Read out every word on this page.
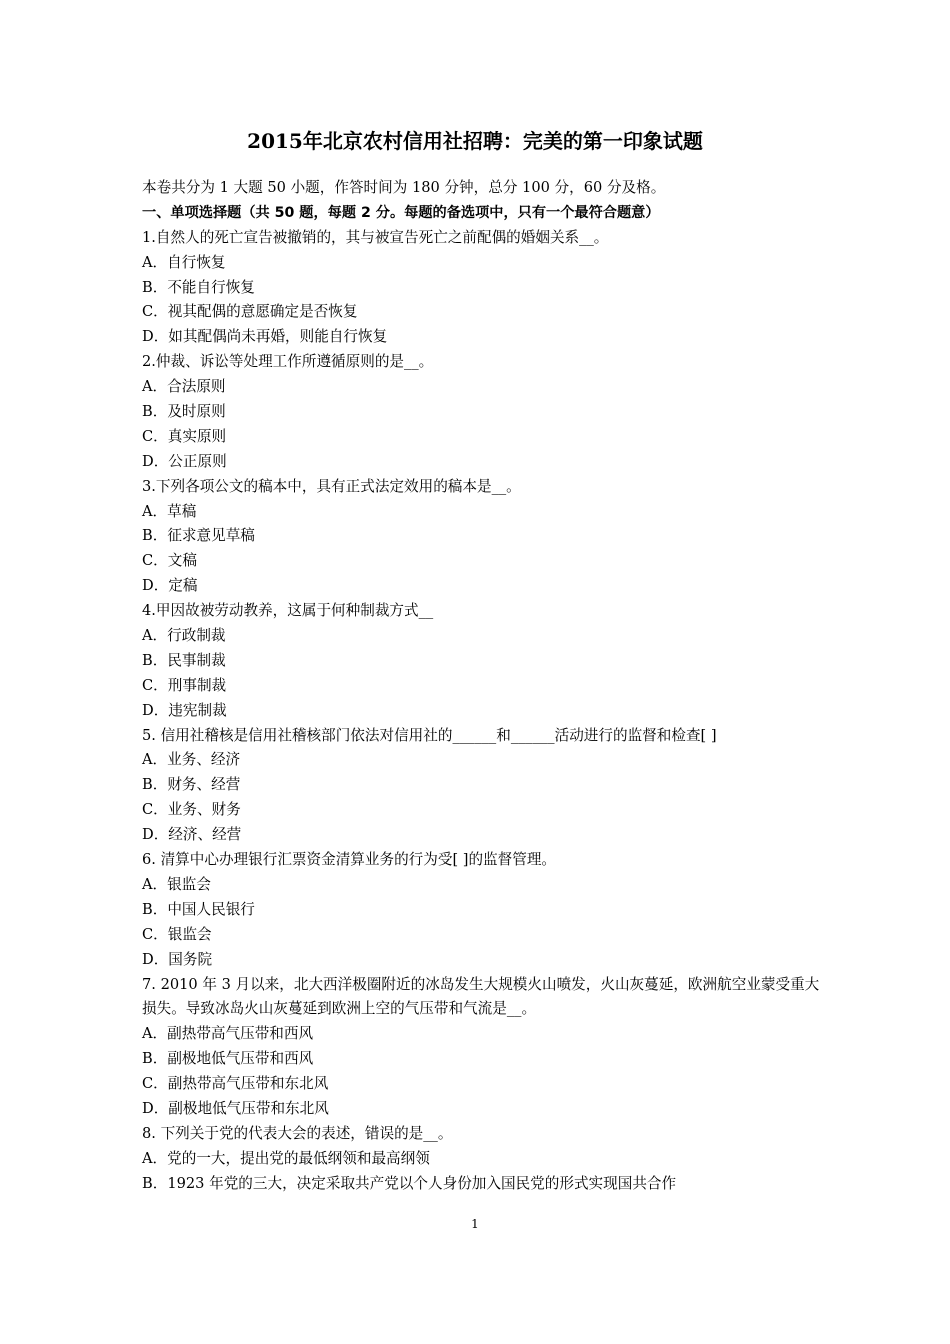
2015年北京农村信用社招聘：完美的第一印象试题
本卷共分为 1 大题 50 小题，作答时间为 180 分钟，总分 100 分，60 分及格。
一、单项选择题（共 50 题，每题 2 分。每题的备选项中，只有一个最符合题意）
1.自然人的死亡宣告被撤销的，其与被宣告死亡之前配偶的婚姻关系__。
A．自行恢复
B．不能自行恢复
C．视其配偶的意愿确定是否恢复
D．如其配偶尚未再婚，则能自行恢复
2.仲裁、诉讼等处理工作所遵循原则的是__。
A．合法原则
B．及时原则
C．真实原则
D．公正原则
3.下列各项公文的稿本中，具有正式法定效用的稿本是__。
A．草稿
B．征求意见草稿
C．文稿
D．定稿
4.甲因故被劳动教养，这属于何种制裁方式__
A．行政制裁
B．民事制裁
C．刑事制裁
D．违宪制裁
5. 信用社稽核是信用社稽核部门依法对信用社的______和______活动进行的监督和检查[ ]
A．业务、经济
B．财务、经营
C．业务、财务
D．经济、经营
6. 清算中心办理银行汇票资金清算业务的行为受[ ]的监督管理。
A．银监会
B．中国人民银行
C．银监会
D．国务院
7. 2010 年 3 月以来，北大西洋极圈附近的冰岛发生大规模火山喷发，火山灰蔓延，欧洲航空业蒙受重大损失。导致冰岛火山灰蔓延到欧洲上空的气压带和气流是__。
A．副热带高气压带和西风
B．副极地低气压带和西风
C．副热带高气压带和东北风
D．副极地低气压带和东北风
8. 下列关于党的代表大会的表述，错误的是__。
A．党的一大，提出党的最低纲领和最高纲领
B．1923 年党的三大，决定采取共产党以个人身份加入国民党的形式实现国共合作
1
